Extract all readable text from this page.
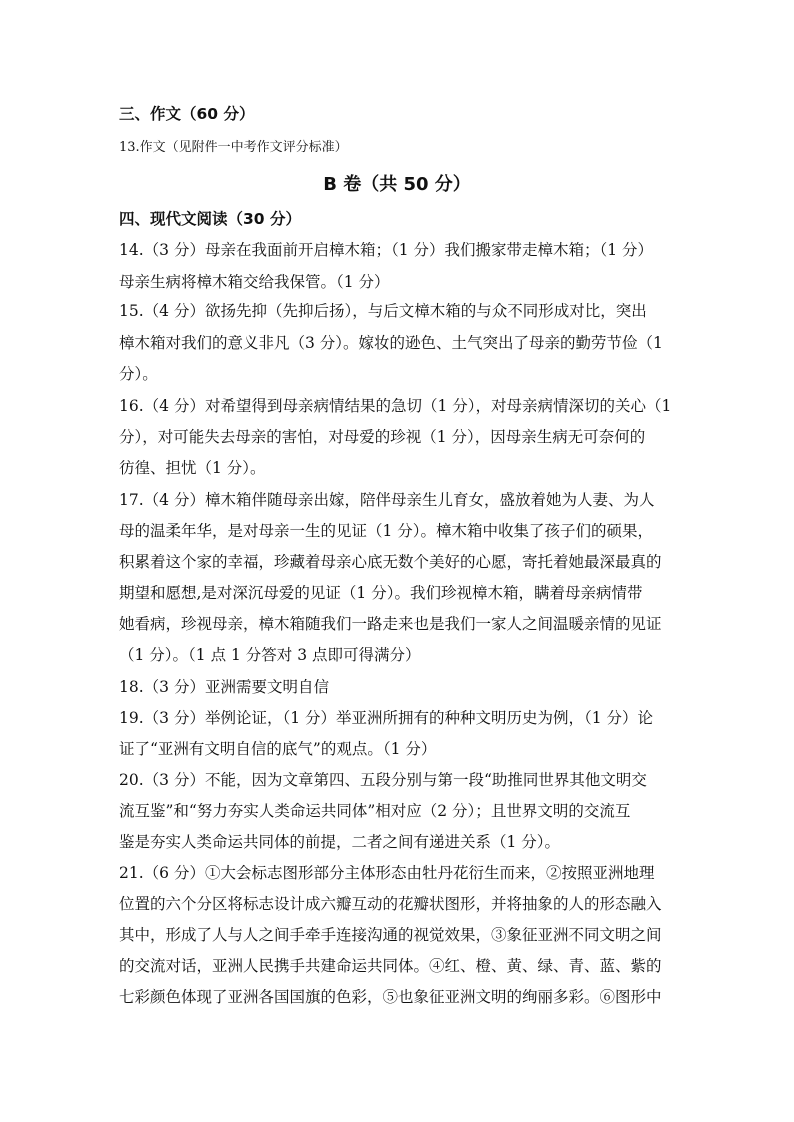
三、作文（60 分）
13.作文（见附件一中考作文评分标准）
B 卷（共 50 分）
四、现代文阅读（30 分）
14.（3 分）母亲在我面前开启樟木箱；（1 分）我们搬家带走樟木箱；（1 分）
母亲生病将樟木箱交给我保管。（1 分）
15.（4 分）欲扬先抑（先抑后扬），与后文樟木箱的与众不同形成对比，突出
樟木箱对我们的意义非凡（3 分）。嫁妆的逊色、土气突出了母亲的勤劳节俭（1
分）。
16.（4 分）对希望得到母亲病情结果的急切（1 分），对母亲病情深切的关心（1
分），对可能失去母亲的害怕，对母爱的珍视（1 分），因母亲生病无可奈何的
彷徨、担忧（1 分）。
17.（4 分）樟木箱伴随母亲出嫁，陪伴母亲生儿育女，盛放着她为人妻、为人
母的温柔年华，是对母亲一生的见证（1 分）。樟木箱中收集了孩子们的硕果，
积累着这个家的幸福，珍藏着母亲心底无数个美好的心愿，寄托着她最深最真的
期望和愿想,是对深沉母爱的见证（1 分）。我们珍视樟木箱，瞒着母亲病情带
她看病，珍视母亲，樟木箱随我们一路走来也是我们一家人之间温暖亲情的见证
（1 分）。（1 点 1 分答对 3 点即可得满分）
18.（3 分）亚洲需要文明自信
19.（3 分）举例论证，（1 分）举亚洲所拥有的种种文明历史为例，（1 分）论
证了“亚洲有文明自信的底气”的观点。（1 分）
20.（3 分）不能，因为文章第四、五段分别与第一段“助推同世界其他文明交
流互鉴”和“努力夯实人类命运共同体”相对应（2 分）；且世界文明的交流互
鉴是夯实人类命运共同体的前提，二者之间有递进关系（1 分）。
21.（6 分）①大会标志图形部分主体形态由牡丹花衍生而来，②按照亚洲地理
位置的六个分区将标志设计成六瓣互动的花瓣状图形，并将抽象的人的形态融入
其中，形成了人与人之间手牵手连接沟通的视觉效果，③象征亚洲不同文明之间
的交流对话，亚洲人民携手共建命运共同体。④红、橙、黄、绿、青、蓝、紫的
七彩颜色体现了亚洲各国国旗的色彩，⑤也象征亚洲文明的绚丽多彩。⑥图形中
